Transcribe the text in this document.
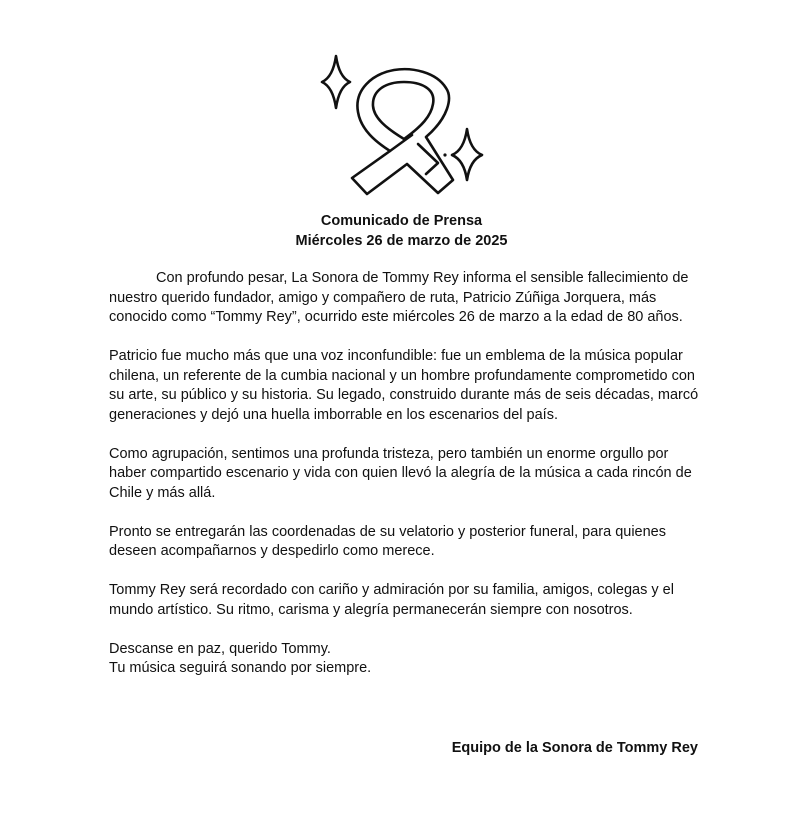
Comunicado de Prensa
Miércoles 26 de marzo de 2025

Con profundo pesar, La Sonora de Tommy Rey informa el sensible fallecimiento de nuestro querido fundador, amigo y compañero de ruta, Patricio Zúñiga Jorquera, más conocido como “Tommy Rey”, ocurrido este miércoles 26 de marzo a la edad de 80 años.

Patricio fue mucho más que una voz inconfundible: fue un emblema de la música popular chilena, un referente de la cumbia nacional y un hombre profundamente comprometido con su arte, su público y su historia. Su legado, construido durante más de seis décadas, marcó generaciones y dejó una huella imborrable en los escenarios del país.

Como agrupación, sentimos una profunda tristeza, pero también un enorme orgullo por haber compartido escenario y vida con quien llevó la alegría de la música a cada rincón de Chile y más allá.

Pronto se entregarán las coordenadas de su velatorio y posterior funeral, para quienes deseen acompañarnos y despedirlo como merece.

Tommy Rey será recordado con cariño y admiración por su familia, amigos, colegas y el mundo artístico. Su ritmo, carisma y alegría permanecerán siempre con nosotros.

Descanse en paz, querido Tommy.
Tu música seguirá sonando por siempre.
Equipo de la Sonora de Tommy Rey
